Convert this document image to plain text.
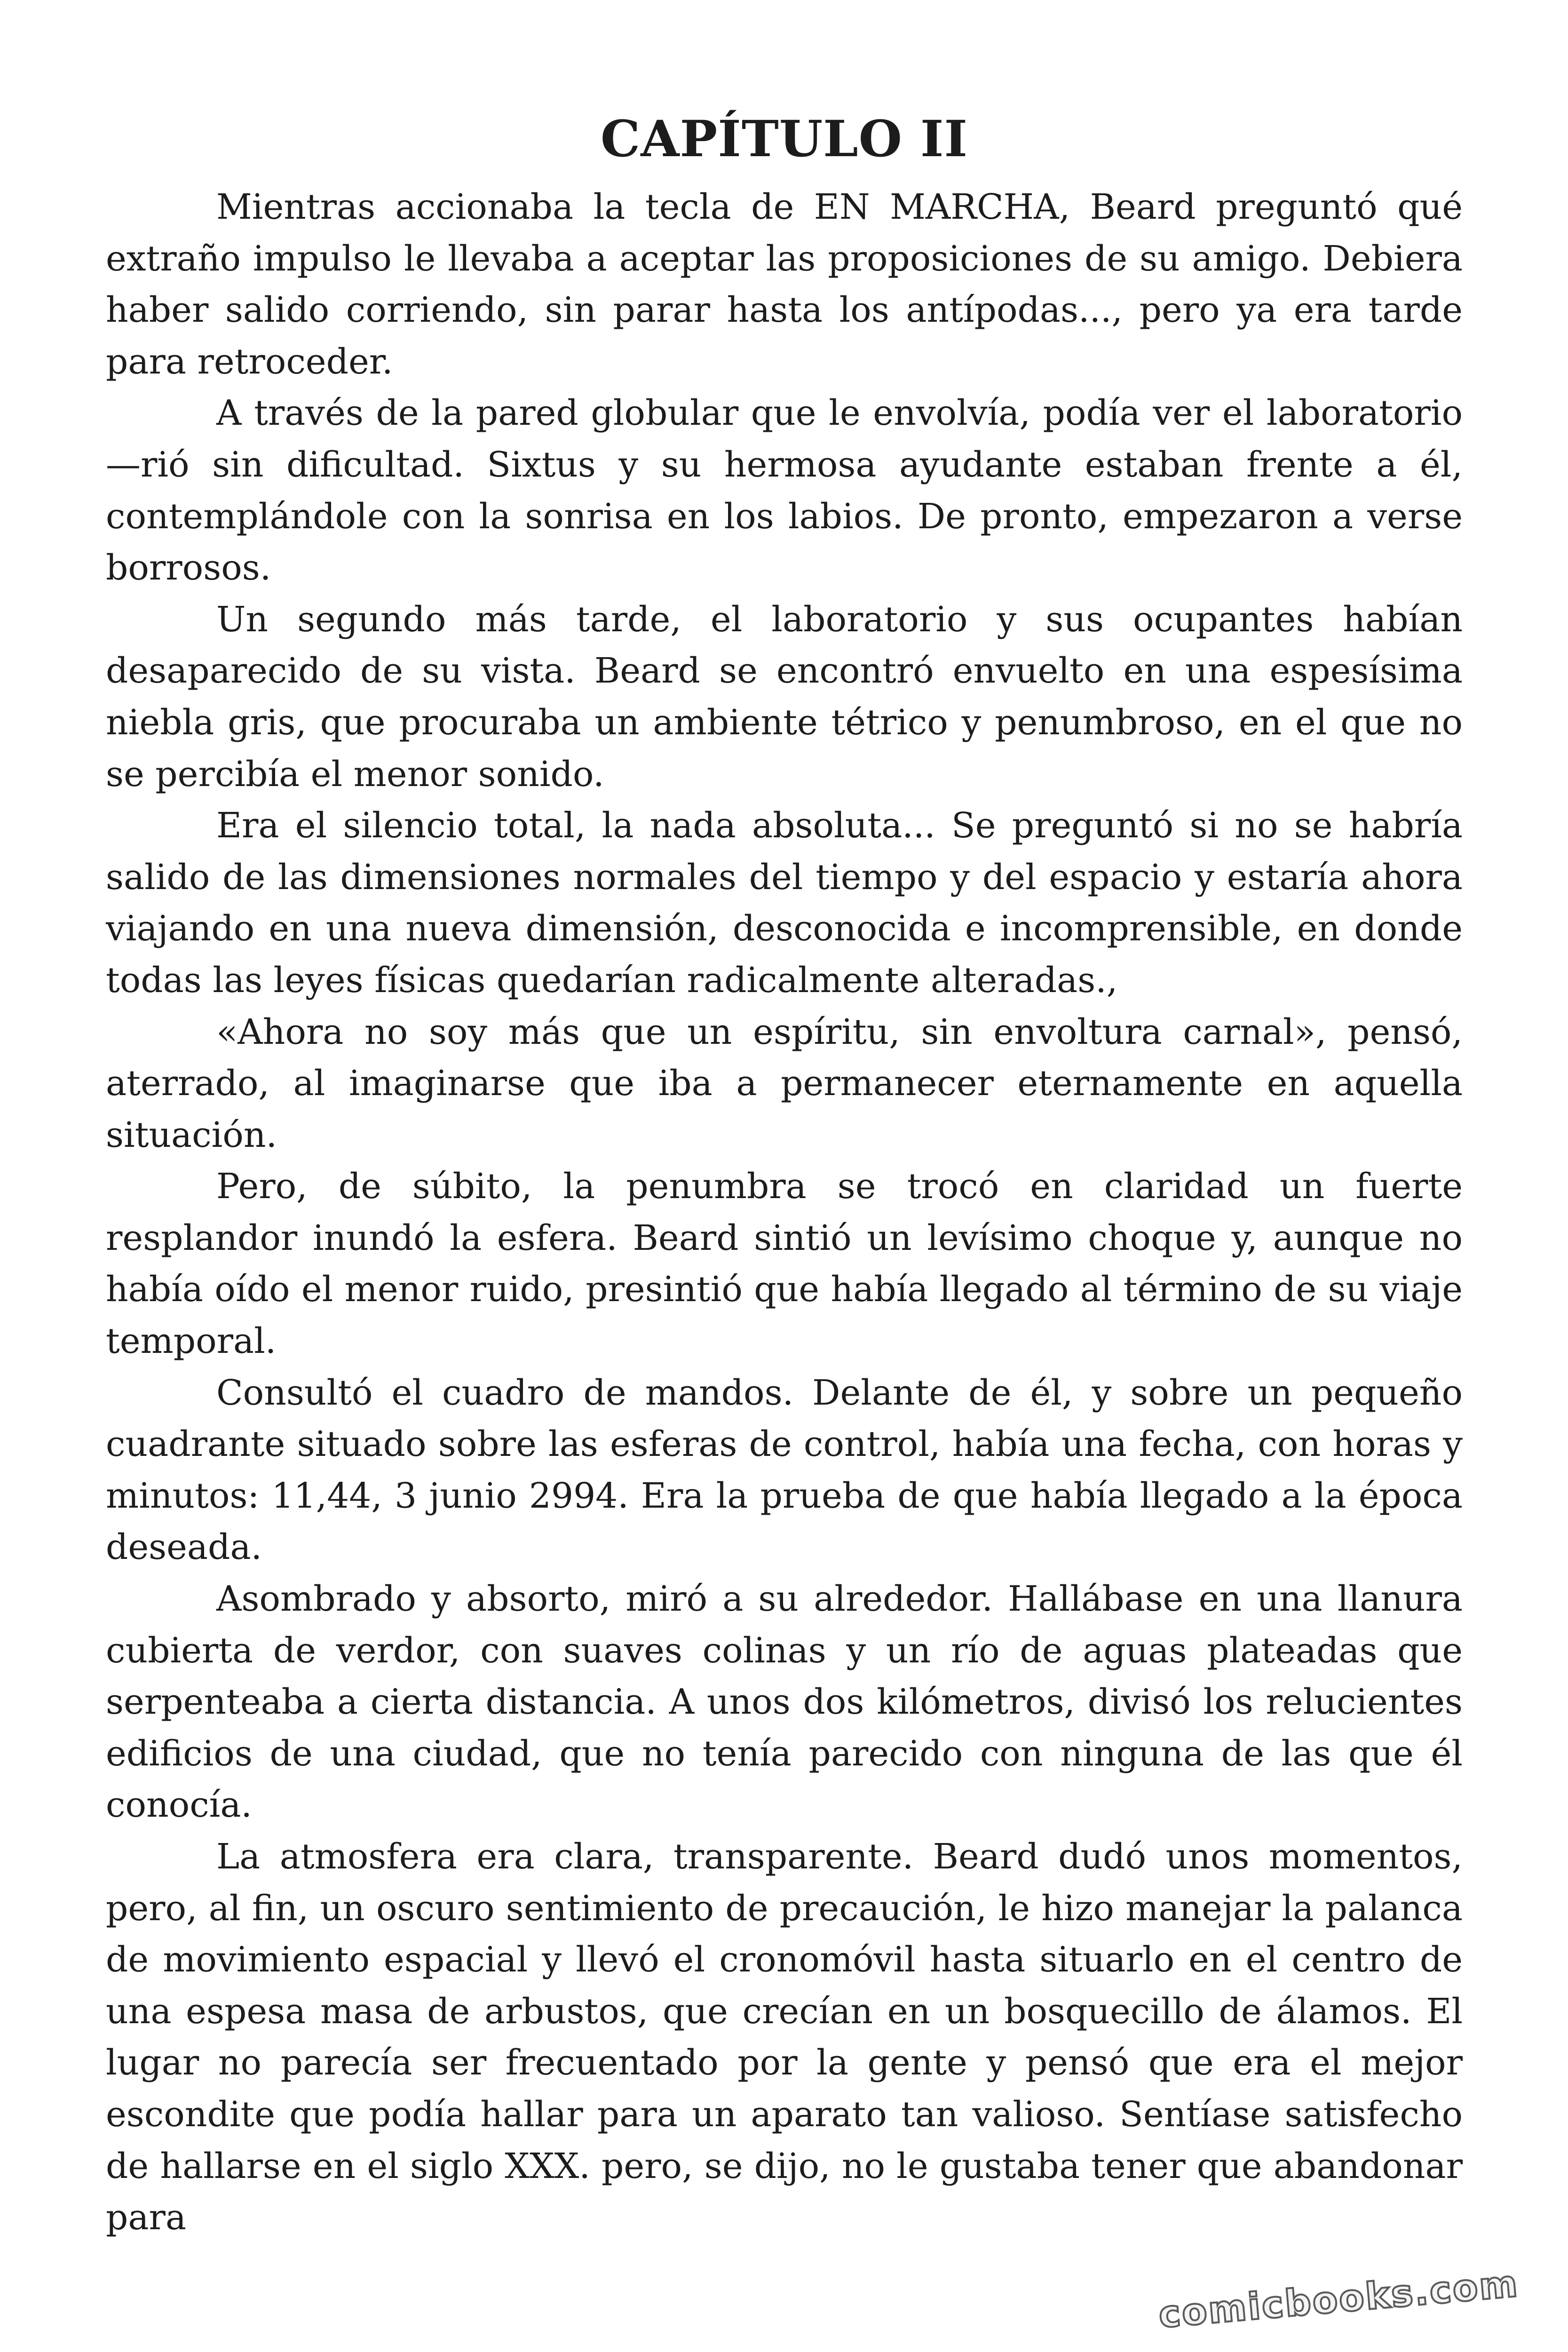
CAPÍTULO II

Mientras accionaba la tecla de EN MARCHA, Beard preguntó qué extraño impulso le llevaba a aceptar las proposiciones de su amigo. Debiera haber salido corriendo, sin parar hasta los antípodas..., pero ya era tarde para retroceder.

A través de la pared globular que le envolvía, podía ver el laboratorio —rió sin dificultad. Sixtus y su hermosa ayudante estaban frente a él, contemplándole con la sonrisa en los labios. De pronto, empezaron a verse borrosos.

Un segundo más tarde, el laboratorio y sus ocupantes habían desaparecido de su vista. Beard se encontró envuelto en una espesísima niebla gris, que procuraba un ambiente tétrico y penumbroso, en el que no se percibía el menor sonido.

Era el silencio total, la nada absoluta... Se preguntó si no se habría salido de las dimensiones normales del tiempo y del espacio y estaría ahora viajando en una nueva dimensión, desconocida e incomprensible, en donde todas las leyes físicas quedarían radicalmente alteradas.,

«Ahora no soy más que un espíritu, sin envoltura carnal», pensó, aterrado, al imaginarse que iba a permanecer eternamente en aquella situación.

Pero, de súbito, la penumbra se trocó en claridad un fuerte resplandor inundó la esfera. Beard sintió un levísimo choque y, aunque no había oído el menor ruido, presintió que había llegado al término de su viaje temporal.

Consultó el cuadro de mandos. Delante de él, y sobre un pequeño cuadrante situado sobre las esferas de control, había una fecha, con horas y minutos: 11,44, 3 junio 2994. Era la prueba de que había llegado a la época deseada.

Asombrado y absorto, miró a su alrededor. Hallábase en una llanura cubierta de verdor, con suaves colinas y un río de aguas plateadas que serpenteaba a cierta distancia. A unos dos kilómetros, divisó los relucientes edificios de una ciudad, que no tenía parecido con ninguna de las que él conocía.

La atmosfera era clara, transparente. Beard dudó unos momentos, pero, al fin, un oscuro sentimiento de precaución, le hizo manejar la palanca de movimiento espacial y llevó el cronomóvil hasta situarlo en el centro de una espesa masa de arbustos, que crecían en un bosquecillo de álamos. El lugar no parecía ser frecuentado por la gente y pensó que era el mejor escondite que podía hallar para un aparato tan valioso. Sentíase satisfecho de hallarse en el siglo XXX. pero, se dijo, no le gustaba tener que abandonar para

comicbooks.com
